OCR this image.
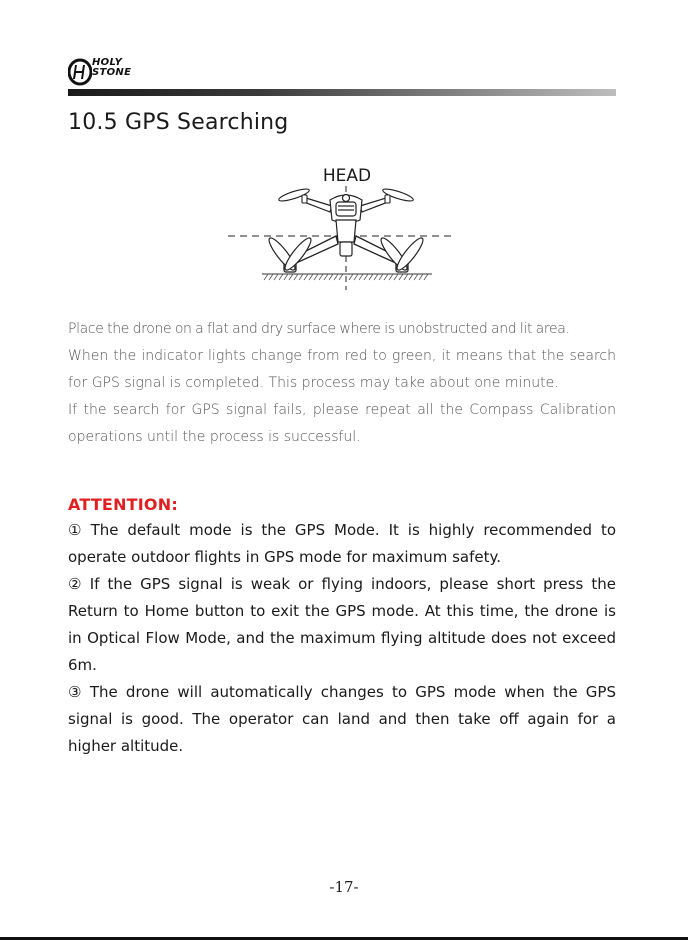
HOLY
STONE
10.5 GPS Searching
HEAD

Place the drone on a flat and dry surface where is unobstructed and lit area.

When the indicator lights change from red to green, it means that the search for GPS signal is completed. This process may take about one minute.

If the search for GPS signal fails, please repeat all the Compass Calibration operations until the process is successful.

ATTENTION:

① The default mode is the GPS Mode. It is highly recommended to operate outdoor flights in GPS mode for maximum safety.

② If the GPS signal is weak or flying indoors, please short press the Return to Home button to exit the GPS mode. At this time, the drone is in Optical Flow Mode, and the maximum flying altitude does not exceed 6m.

③ The drone will automatically changes to GPS mode when the GPS signal is good. The operator can land and then take off again for a higher altitude.

-17-
